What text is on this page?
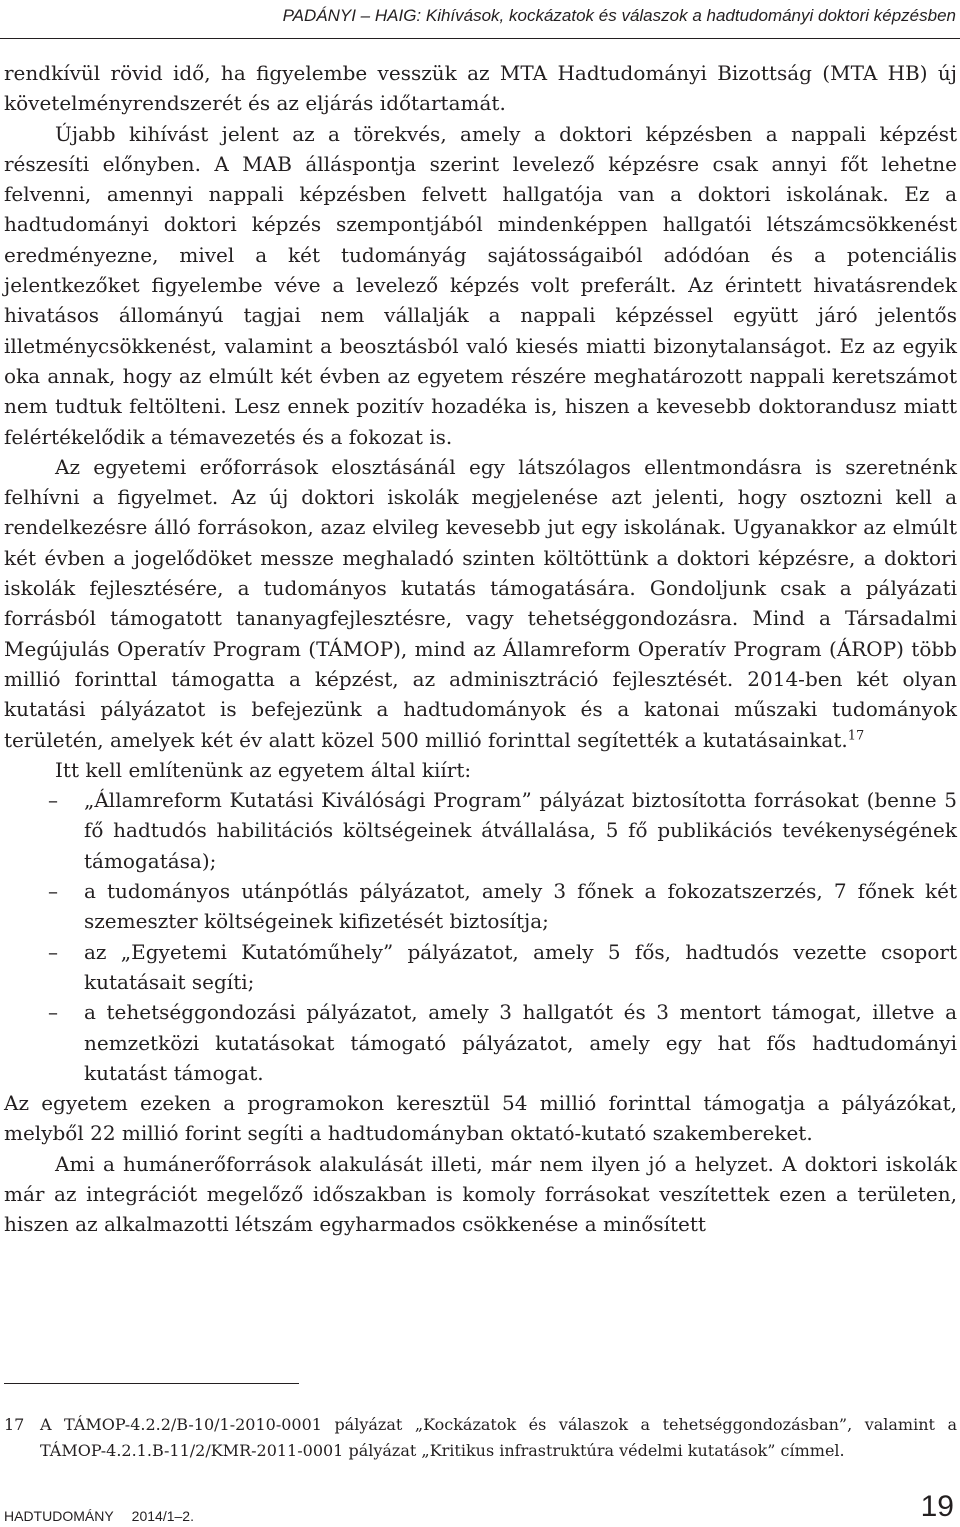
PADÁNYI – HAIG: Kihívások, kockázatok és válaszok a hadtudományi doktori képzésben

rendkívül rövid idő, ha figyelembe vesszük az MTA Hadtudományi Bizottság (MTA HB) új követelményrendszerét és az eljárás időtartamát.

Újabb kihívást jelent az a törekvés, amely a doktori képzésben a nappali képzést részesíti előnyben. A MAB álláspontja szerint levelező képzésre csak annyi főt lehetne felvenni, amennyi nappali képzésben felvett hallgatója van a doktori iskolának. Ez a hadtudományi doktori képzés szempontjából mindenképpen hallgatói létszámcsökkenést eredményezne, mivel a két tudományág sajátosságaiból adódóan és a potenciális jelentkezőket figyelembe véve a levelező képzés volt preferált. Az érintett hivatásrendek hivatásos állományú tagjai nem vállalják a nappali képzéssel együtt járó jelentős illetménycsökkenést, valamint a beosztásból való kiesés miatti bizonytalanságot. Ez az egyik oka annak, hogy az elmúlt két évben az egyetem részére meghatározott nappali keretszámot nem tudtuk feltölteni. Lesz ennek pozitív hozadéka is, hiszen a kevesebb doktorandusz miatt felértékelődik a témavezetés és a fokozat is.

Az egyetemi erőforrások elosztásánál egy látszólagos ellentmondásra is szeretnénk felhívni a figyelmet. Az új doktori iskolák megjelenése azt jelenti, hogy osztozni kell a rendelkezésre álló forrásokon, azaz elvileg kevesebb jut egy iskolának. Ugyanakkor az elmúlt két évben a jogelődöket messze meghaladó szinten költöttünk a doktori képzésre, a doktori iskolák fejlesztésére, a tudományos kutatás támogatására. Gondoljunk csak a pályázati forrásból támogatott tananyagfejlesztésre, vagy tehetséggondozásra. Mind a Társadalmi Megújulás Operatív Program (TÁMOP), mind az Államreform Operatív Program (ÁROP) több millió forinttal támogatta a képzést, az adminisztráció fejlesztését. 2014-ben két olyan kutatási pályázatot is befejezünk a hadtudományok és a katonai műszaki tudományok területén, amelyek két év alatt közel 500 millió forinttal segítették a kutatásainkat.$^{17}$

Itt kell említenünk az egyetem által kiírt:

– „Államreform Kutatási Kiválósági Program” pályázat biztosította forrásokat (benne 5 fő hadtudós habilitációs költségeinek átvállalása, 5 fő publikációs tevékenységének támogatása);
– a tudományos utánpótlás pályázatot, amely 3 főnek a fokozatszerzés, 7 főnek két szemeszter költségeinek kifizetését biztosítja;
– az „Egyetemi Kutatóműhely” pályázatot, amely 5 fős, hadtudós vezette csoport kutatásait segíti;
– a tehetséggondozási pályázatot, amely 3 hallgatót és 3 mentort támogat, illetve a nemzetközi kutatásokat támogató pályázatot, amely egy hat fős hadtudományi kutatást támogat.

Az egyetem ezeken a programokon keresztül 54 millió forinttal támogatja a pályázókat, melyből 22 millió forint segíti a hadtudományban oktató-kutató szakembereket.

Ami a humánerőforrások alakulását illeti, már nem ilyen jó a helyzet. A doktori iskolák már az integrációt megelőző időszakban is komoly forrásokat veszítettek ezen a területen, hiszen az alkalmazotti létszám egyharmados csökkenése a minősített

17 A TÁMOP-4.2.2/B-10/1-2010-0001 pályázat „Kockázatok és válaszok a tehetséggondozásban”, valamint a TÁMOP-4.2.1.B-11/2/KMR-2011-0001 pályázat „Kritikus infrastruktúra védelmi kutatások” címmel.
HADTUDOMÁNY 2014/1–2.	19
